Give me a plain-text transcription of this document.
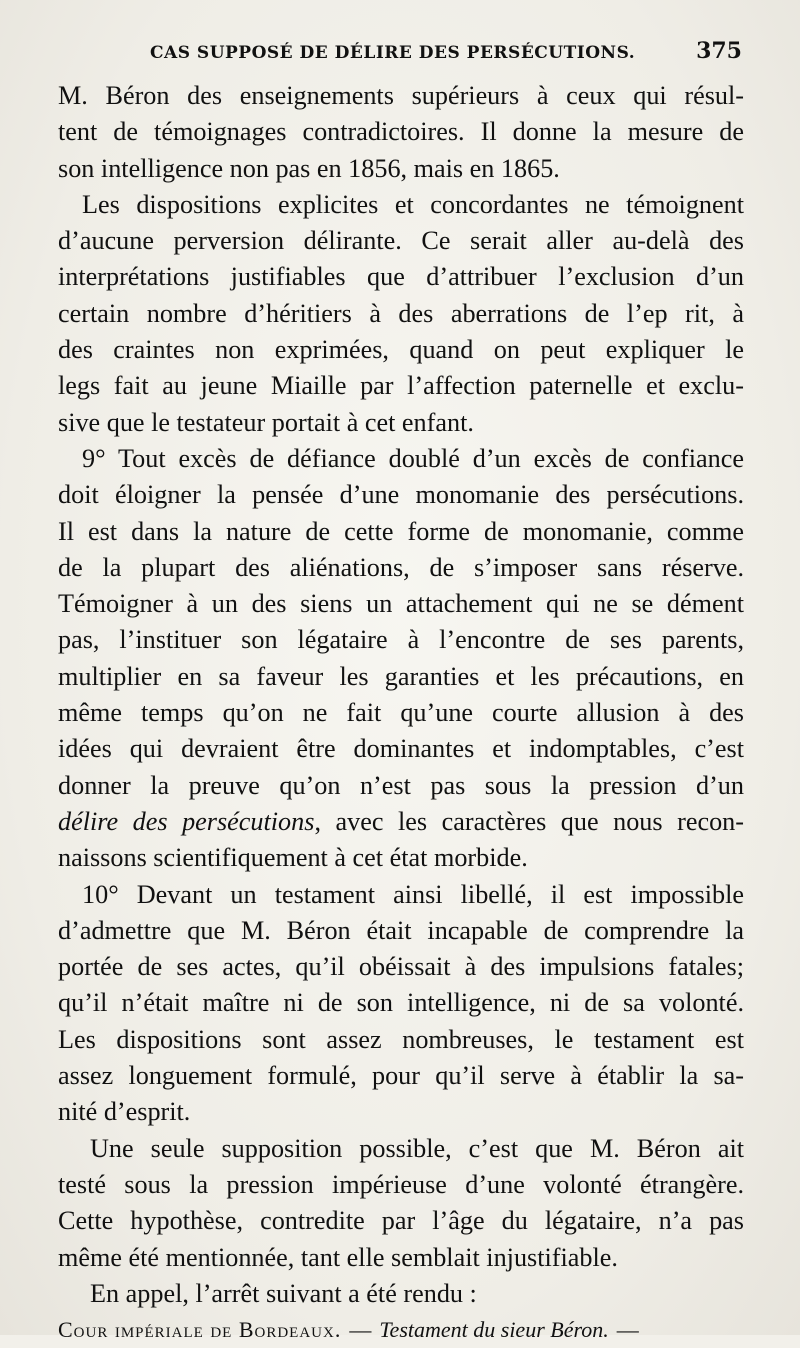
CAS SUPPOSÉ DE DÉLIRE DES PERSÉCUTIONS.	375

M. Béron des enseignements supérieurs à ceux qui résul-
tent de témoignages contradictoires. Il donne la mesure de
son intelligence non pas en 1856, mais en 1865.

Les dispositions explicites et concordantes ne témoignent
d’aucune perversion délirante. Ce serait aller au-delà des
interprétations justifiables que d’attribuer l’exclusion d’un
certain nombre d’héritiers à des aberrations de l’ep rit, à
des craintes non exprimées, quand on peut expliquer le
legs fait au jeune Miaille par l’affection paternelle et exclu-
sive que le testateur portait à cet enfant.

9° Tout excès de défiance doublé d’un excès de confiance
doit éloigner la pensée d’une monomanie des persécutions.
Il est dans la nature de cette forme de monomanie, comme
de la plupart des aliénations, de s’imposer sans réserve.
Témoigner à un des siens un attachement qui ne se dément
pas, l’instituer son légataire à l’encontre de ses parents,
multiplier en sa faveur les garanties et les précautions, en
même temps qu’on ne fait qu’une courte allusion à des
idées qui devraient être dominantes et indomptables, c’est
donner la preuve qu’on n’est pas sous la pression d’un
délire des persécutions, avec les caractères que nous recon-
naissons scientifiquement à cet état morbide.

10° Devant un testament ainsi libellé, il est impossible
d’admettre que M. Béron était incapable de comprendre la
portée de ses actes, qu’il obéissait à des impulsions fatales;
qu’il n’était maître ni de son intelligence, ni de sa volonté.
Les dispositions sont assez nombreuses, le testament est
assez longuement formulé, pour qu’il serve à établir la sa-
nité d’esprit.

Une seule supposition possible, c’est que M. Béron ait
testé sous la pression impérieuse d’une volonté étrangère.
Cette hypothèse, contredite par l’âge du légataire, n’a pas
même été mentionnée, tant elle semblait injustifiable.

En appel, l’arrêt suivant a été rendu :

Cour impériale de Bordeaux. — Testament du sieur Béron. —
